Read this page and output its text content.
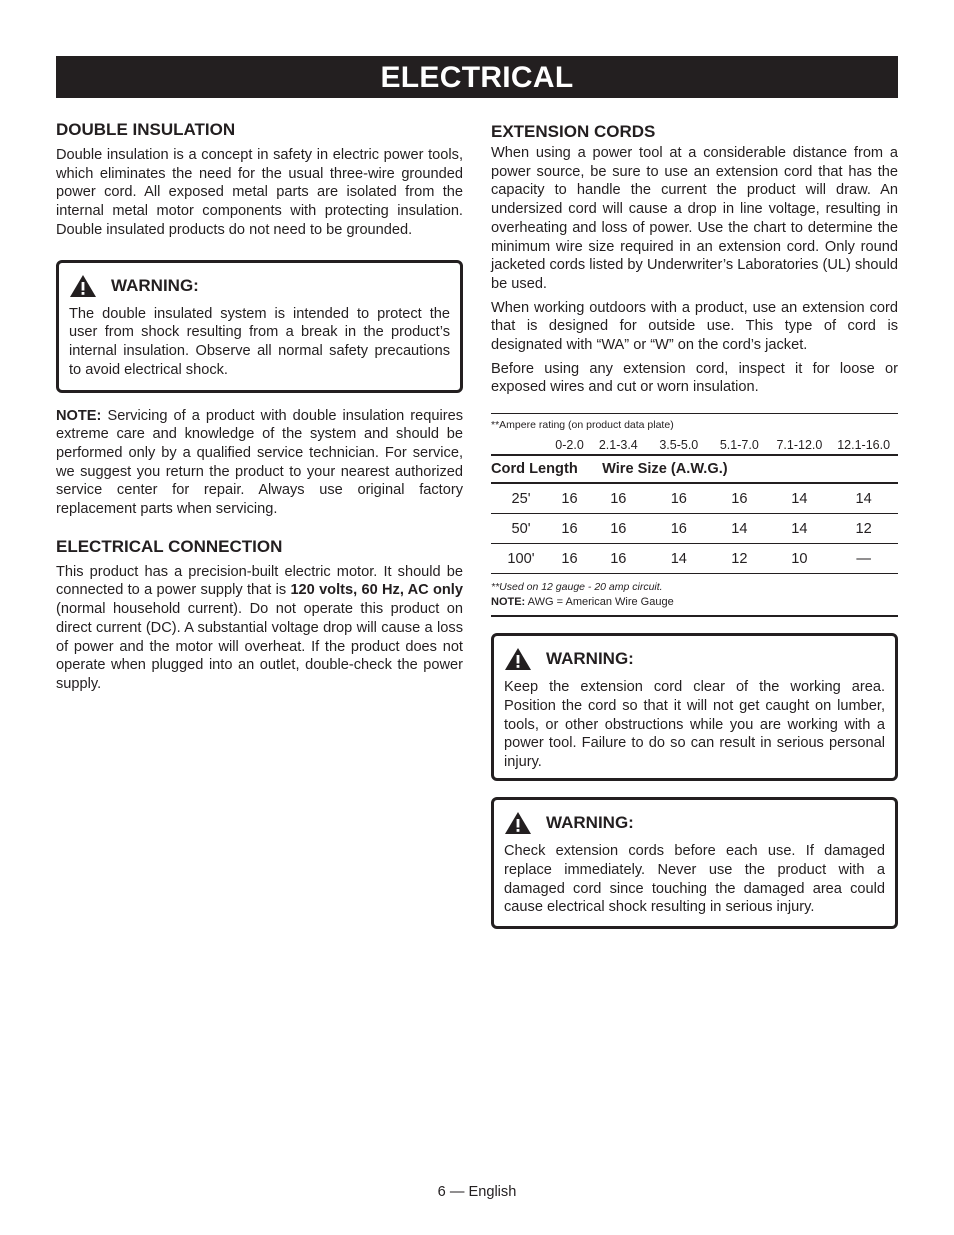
ELECTRICAL
DOUBLE INSULATION

Double insulation is a concept in safety in electric power tools, which eliminates the need for the usual three-wire grounded power cord. All exposed metal parts are isolated from the internal metal motor components with protecting insulation. Double insulated products do not need to be grounded.

WARNING:

The double insulated system is intended to protect the user from shock resulting from a break in the product’s internal insulation. Observe all normal safety precautions to avoid electrical shock.

NOTE: Servicing of a product with double insulation requires extreme care and knowledge of the system and should be performed only by a qualified service technician. For service, we suggest you return the product to your nearest authorized service center for repair. Always use original factory replacement parts when servicing.

ELECTRICAL CONNECTION

This product has a precision-built electric motor. It should be connected to a power supply that is 120 volts, 60 Hz, AC only (normal household current). Do not operate this product on direct current (DC). A substantial voltage drop will cause a loss of power and the motor will overheat. If the product does not operate when plugged into an outlet, double-check the power supply.

EXTENSION CORDS

When using a power tool at a considerable distance from a power source, be sure to use an extension cord that has the capacity to handle the current the product will draw. An undersized cord will cause a drop in line voltage, resulting in overheating and loss of power. Use the chart to determine the minimum wire size required in an extension cord. Only round jacketed cords listed by Underwriter’s Laboratories (UL) should be used.

When working outdoors with a product, use an extension cord that is designed for outside use. This type of cord is designated with “WA” or “W” on the cord’s jacket.

Before using any extension cord, inspect it for loose or exposed wires and cut or worn insulation.

**Ampere rating (on product data plate)
	0-2.0	2.1-3.4	3.5-5.0	5.1-7.0	7.1-12.0	12.1-16.0
Cord Length		Wire Size (A.W.G.)				
25'	16	16	16	16	14	14
50'	16	16	16	14	14	12
100'	16	16	14	12	10	—
**Used on 12 gauge - 20 amp circuit.
NOTE: AWG = American Wire Gauge
WARNING:

Keep the extension cord clear of the working area. Position the cord so that it will not get caught on lumber, tools, or other obstructions while you are working with a power tool. Failure to do so can result in serious personal injury.

WARNING:

Check extension cords before each use. If damaged replace immediately. Never use the product with a damaged cord since touching the damaged area could cause electrical shock resulting in serious injury.

6 — English
